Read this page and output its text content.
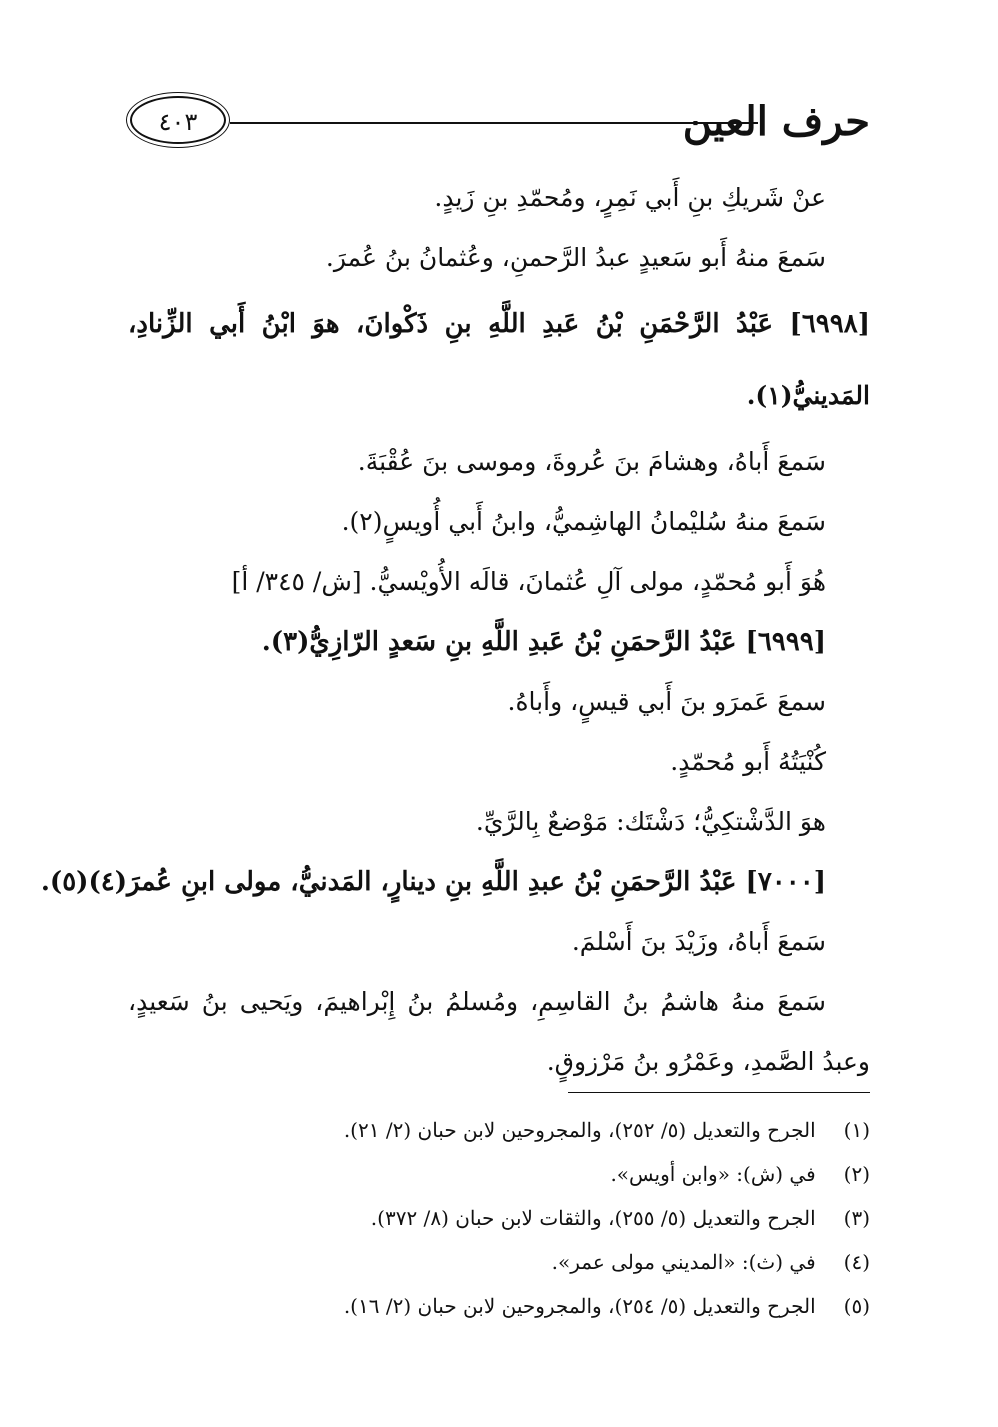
حرف العين
٤٠٣
عنْ شَريكِ بنِ أَبي نَمِرٍ، ومُحمّدِ بنِ زَيدٍ.
سَمعَ منهُ أَبو سَعيدٍ عبدُ الرَّحمنِ، وعُثمانُ بنُ عُمرَ.
[٦٩٩٨] عَبْدُ الرَّحْمَنِ بْنُ عَبدِ اللَّهِ بنِ ذَكْوانَ، هوَ ابْنُ أَبي الزِّنادِ،
المَدينيُّ(١).
سَمعَ أَباهُ، وهشامَ بنَ عُروةَ، وموسى بنَ عُقْبَةَ.
سَمعَ منهُ سُليْمانُ الهاشِميُّ، وابنُ أَبي أُويسٍ(٢).
هُوَ أَبو مُحمّدٍ، مولى آلِ عُثمانَ، قالَه الأُويْسيُّ. [ش/ ٣٤٥/ أ]
[٦٩٩٩] عَبْدُ الرَّحمَنِ بْنُ عَبدِ اللَّهِ بنِ سَعدٍ الرّازِيُّ(٣).
سمعَ عَمرَو بنَ أَبي قيسٍ، وأَباهُ.
كُنْيَتُهُ أَبو مُحمّدٍ.
هوَ الدَّشْتكِيُّ؛ دَشْتَك: مَوْضعٌ بِالرَّيِّ.
[٧٠٠٠] عَبْدُ الرَّحمَنِ بْنُ عبدِ اللَّهِ بنِ دينارٍ، المَدنيُّ، مولى ابنِ عُمرَ(٤)(٥).
سَمعَ أَباهُ، وزَيْدَ بنَ أَسْلمَ.
سَمعَ منهُ هاشمُ بنُ القاسِمِ، ومُسلمُ بنُ إِبْراهيمَ، ويَحيى بنُ سَعيدٍ،
وعبدُ الصَّمدِ، وعَمْرُو بنُ مَرْزوقٍ.
(١) الجرح والتعديل (٥/ ٢٥٢)، والمجروحين لابن حبان (٢/ ٢١).
(٢) في (ش): «وابن أويس».
(٣) الجرح والتعديل (٥/ ٢٥٥)، والثقات لابن حبان (٨/ ٣٧٢).
(٤) في (ث): «المديني مولى عمر».
(٥) الجرح والتعديل (٥/ ٢٥٤)، والمجروحين لابن حبان (٢/ ١٦).
